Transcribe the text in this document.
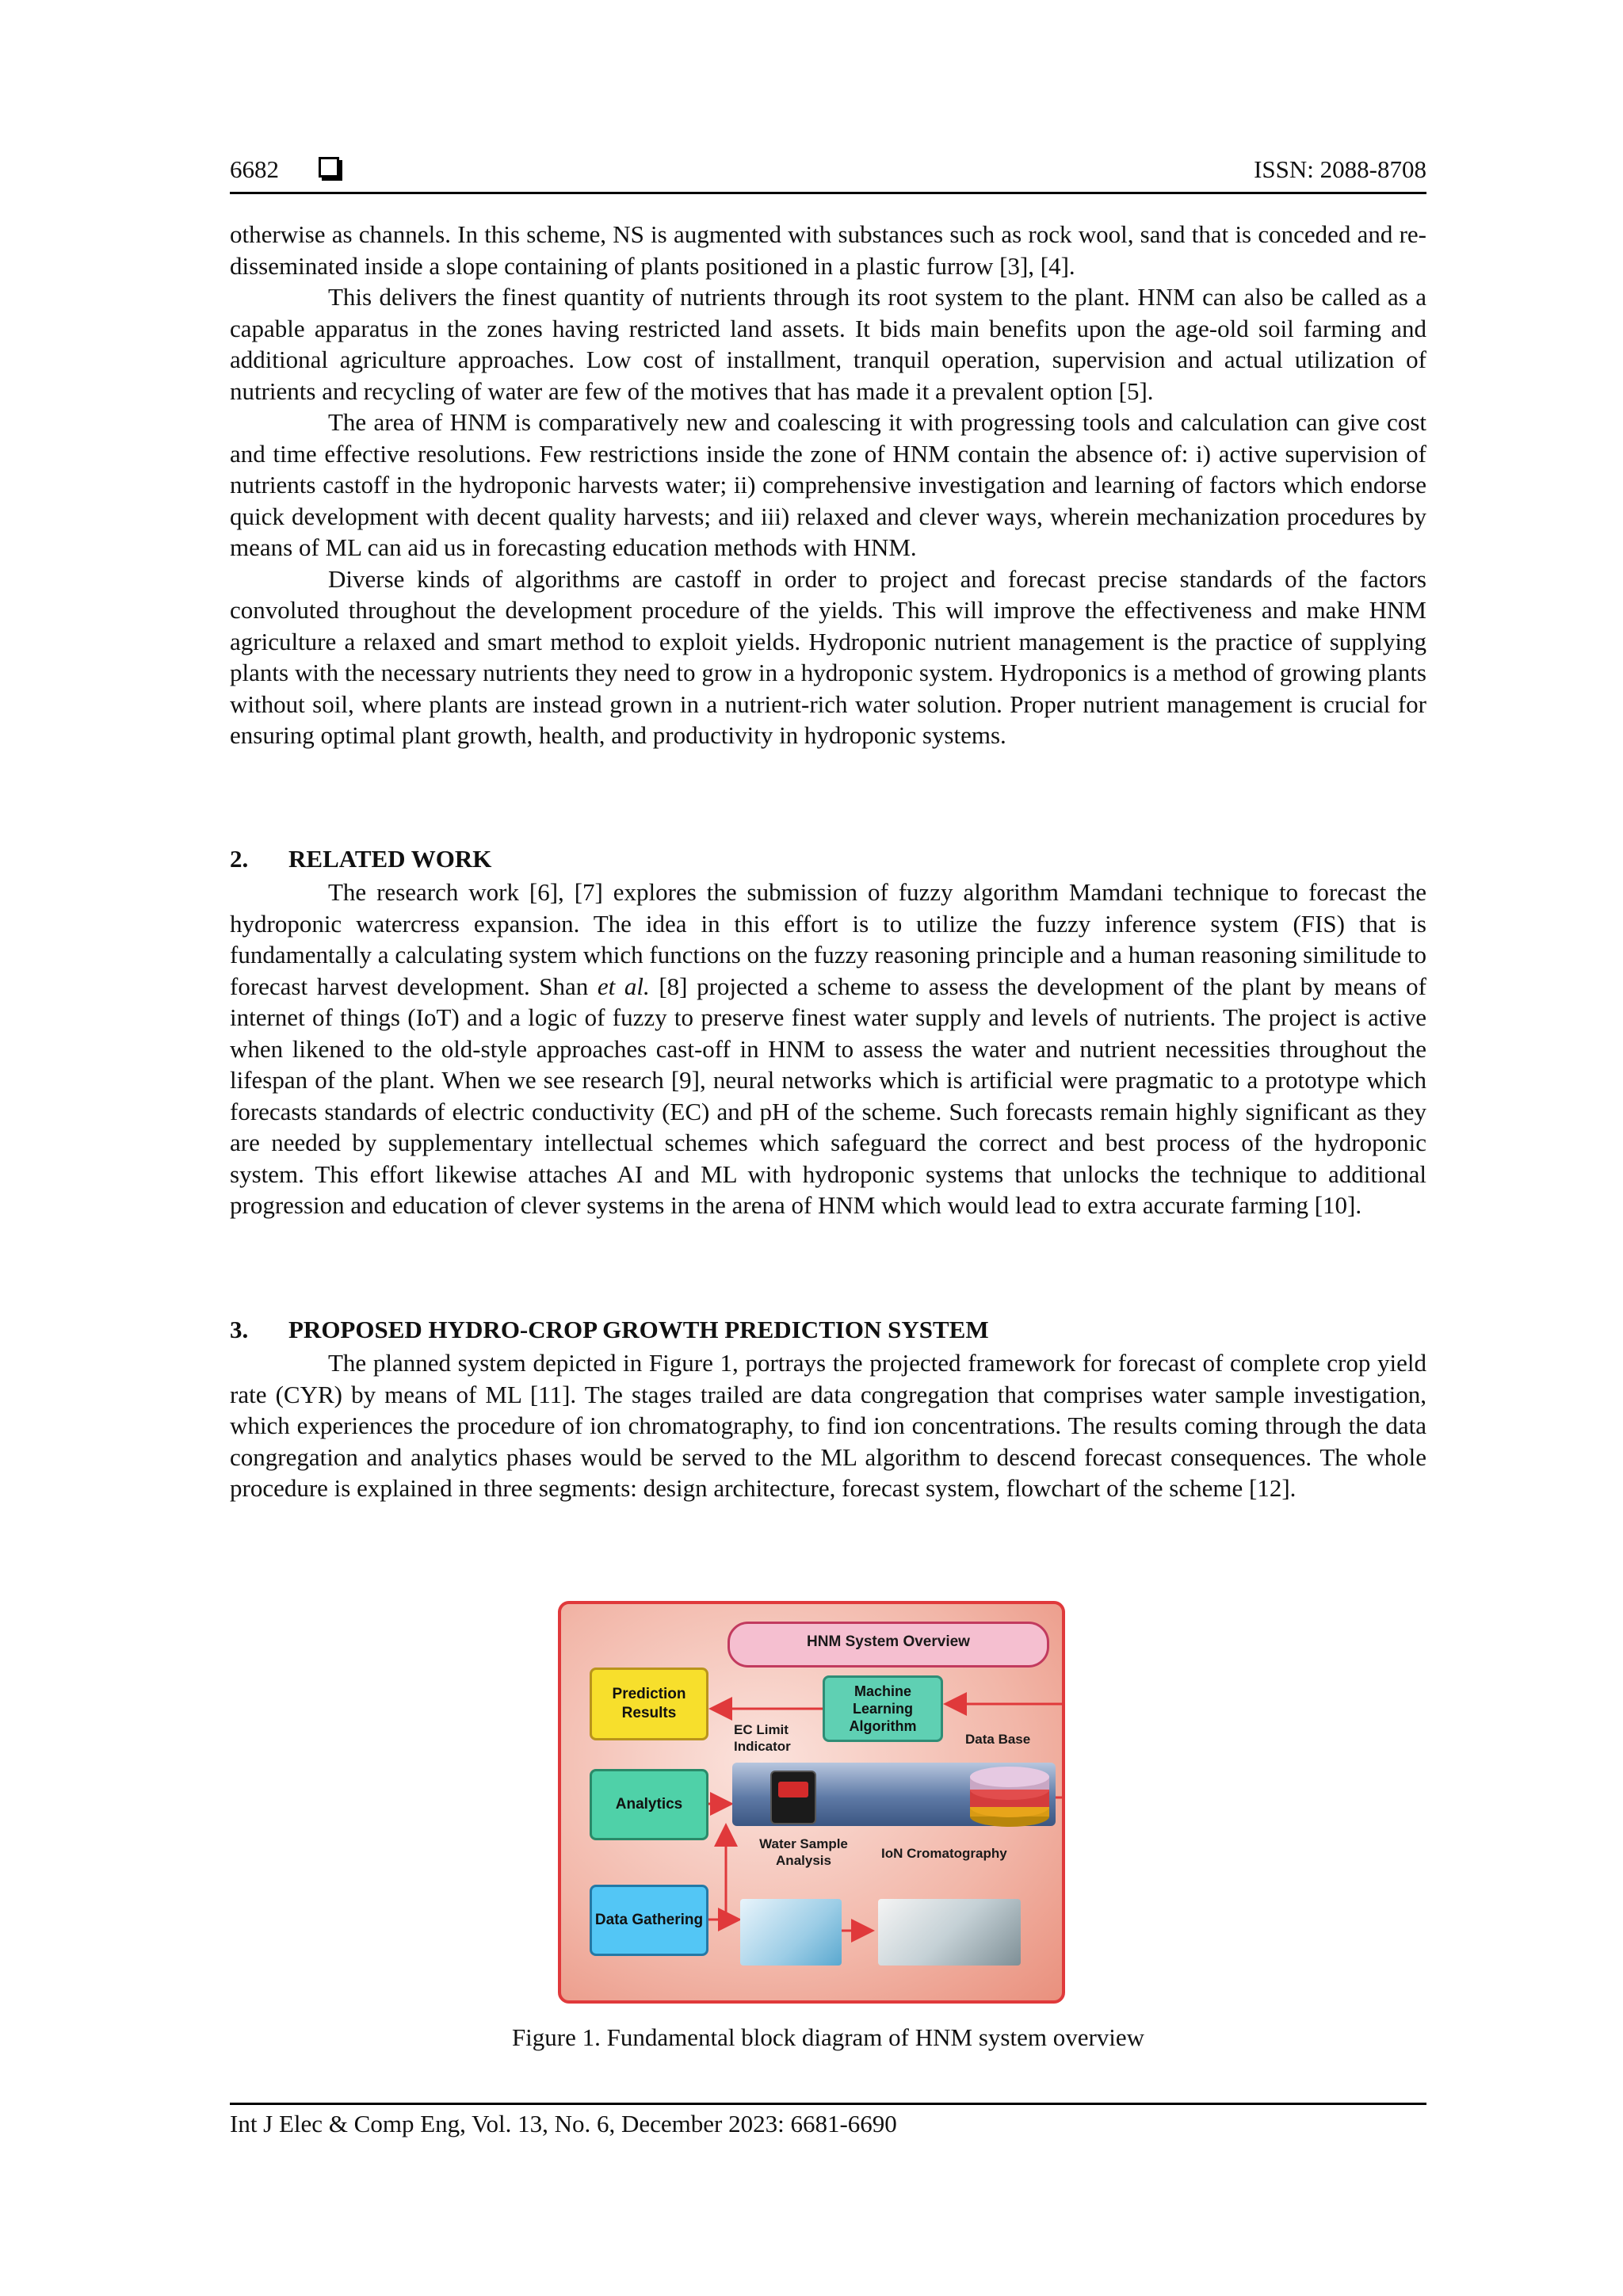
6682	ISSN: 2088-8708

otherwise as channels. In this scheme, NS is augmented with substances such as rock wool, sand that is conceded and re- disseminated inside a slope containing of plants positioned in a plastic furrow [3], [4].

This delivers the finest quantity of nutrients through its root system to the plant. HNM can also be called as a capable apparatus in the zones having restricted land assets. It bids main benefits upon the age-old soil farming and additional agriculture approaches. Low cost of installment, tranquil operation, supervision and actual utilization of nutrients and recycling of water are few of the motives that has made it a prevalent option [5].

The area of HNM is comparatively new and coalescing it with progressing tools and calculation can give cost and time effective resolutions. Few restrictions inside the zone of HNM contain the absence of: i) active supervision of nutrients castoff in the hydroponic harvests water; ii) comprehensive investigation and learning of factors which endorse quick development with decent quality harvests; and iii) relaxed and clever ways, wherein mechanization procedures by means of ML can aid us in forecasting education methods with HNM.

Diverse kinds of algorithms are castoff in order to project and forecast precise standards of the factors convoluted throughout the development procedure of the yields. This will improve the effectiveness and make HNM agriculture a relaxed and smart method to exploit yields. Hydroponic nutrient management is the practice of supplying plants with the necessary nutrients they need to grow in a hydroponic system. Hydroponics is a method of growing plants without soil, where plants are instead grown in a nutrient-rich water solution. Proper nutrient management is crucial for ensuring optimal plant growth, health, and productivity in hydroponic systems.

2. RELATED WORK

The research work [6], [7] explores the submission of fuzzy algorithm Mamdani technique to forecast the hydroponic watercress expansion. The idea in this effort is to utilize the fuzzy inference system (FIS) that is fundamentally a calculating system which functions on the fuzzy reasoning principle and a human reasoning similitude to forecast harvest development. Shan et al. [8] projected a scheme to assess the development of the plant by means of internet of things (IoT) and a logic of fuzzy to preserve finest water supply and levels of nutrients. The project is active when likened to the old-style approaches cast-off in HNM to assess the water and nutrient necessities throughout the lifespan of the plant. When we see research [9], neural networks which is artificial were pragmatic to a prototype which forecasts standards of electric conductivity (EC) and pH of the scheme. Such forecasts remain highly significant as they are needed by supplementary intellectual schemes which safeguard the correct and best process of the hydroponic system. This effort likewise attaches AI and ML with hydroponic systems that unlocks the technique to additional progression and education of clever systems in the arena of HNM which would lead to extra accurate farming [10].

3. PROPOSED HYDRO-CROP GROWTH PREDICTION SYSTEM

The planned system depicted in Figure 1, portrays the projected framework for forecast of complete crop yield rate (CYR) by means of ML [11]. The stages trailed are data congregation that comprises water sample investigation, which experiences the procedure of ion chromatography, to find ion concentrations. The results coming through the data congregation and analytics phases would be served to the ML algorithm to descend forecast consequences. The whole procedure is explained in three segments: design architecture, forecast system, flowchart of the scheme [12].

HNM System Overview
Prediction Results
Machine Learning Algorithm
EC Limit Indicator	Data Base
Analytics
Water Sample Analysis	IoN Cromatography
Data Gathering
Figure 1. Fundamental block diagram of HNM system overview
Int J Elec & Comp Eng, Vol. 13, No. 6, December 2023: 6681-6690
